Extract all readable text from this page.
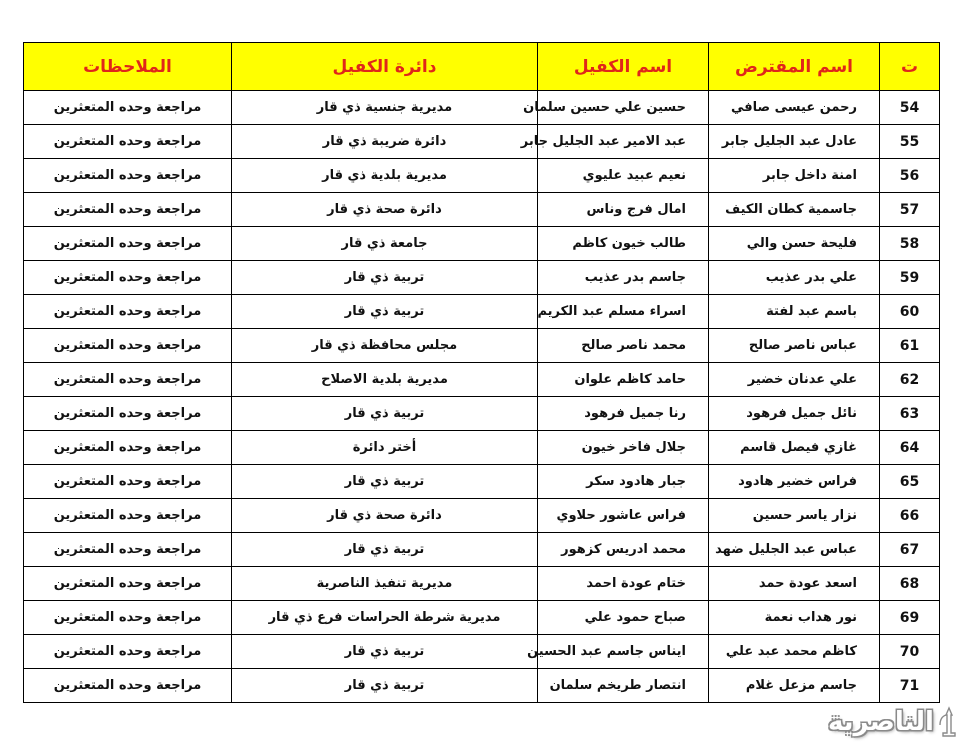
ت	اسم المقترض	اسم الكفيل	دائرة الكفيل	الملاحظات
54	رحمن عيسى صافي	حسين علي حسين سلمان	مديرية جنسية ذي قار	مراجعة وحده المتعثرين
55	عادل عبد الجليل جابر	عبد الامير عبد الجليل جابر	دائرة ضريبة ذي قار	مراجعة وحده المتعثرين
56	امنة داخل جابر	نعيم عبيد عليوي	مديرية بلدية ذي قار	مراجعة وحده المتعثرين
57	جاسمية كطان الكيف	امال فرج وناس	دائرة صحة ذي قار	مراجعة وحده المتعثرين
58	فليحة حسن والي	طالب خيون كاظم	جامعة ذي قار	مراجعة وحده المتعثرين
59	علي بدر عذيب	جاسم بدر عذيب	تربية ذي قار	مراجعة وحده المتعثرين
60	باسم عبد لفتة	اسراء مسلم عبد الكريم	تربية ذي قار	مراجعة وحده المتعثرين
61	عباس ناصر صالح	محمد ناصر صالح	مجلس محافظة ذي قار	مراجعة وحده المتعثرين
62	علي عدنان خضير	حامد كاظم علوان	مديرية بلدية الاصلاح	مراجعة وحده المتعثرين
63	نائل جميل فرهود	رنا جميل فرهود	تربية ذي قار	مراجعة وحده المتعثرين
64	غازي فيصل قاسم	جلال فاخر خيون	أختر دائرة	مراجعة وحده المتعثرين
65	فراس خضير هادود	جبار هادود سكر	تربية ذي قار	مراجعة وحده المتعثرين
66	نزار ياسر حسين	فراس عاشور حلاوي	دائرة صحة ذي قار	مراجعة وحده المتعثرين
67	عباس عبد الجليل ضهد	محمد ادريس كزهور	تربية ذي قار	مراجعة وحده المتعثرين
68	اسعد عودة حمد	ختام عودة احمد	مديرية تنفيذ الناصرية	مراجعة وحده المتعثرين
69	نور هداب نعمة	صباح حمود علي	مديرية شرطة الحراسات فرع ذي قار	مراجعة وحده المتعثرين
70	كاظم محمد عبد علي	ايناس جاسم عبد الحسين	تربية ذي قار	مراجعة وحده المتعثرين
71	جاسم مزعل غلام	انتصار طريخم سلمان	تربية ذي قار	مراجعة وحده المتعثرين
الناصرية
